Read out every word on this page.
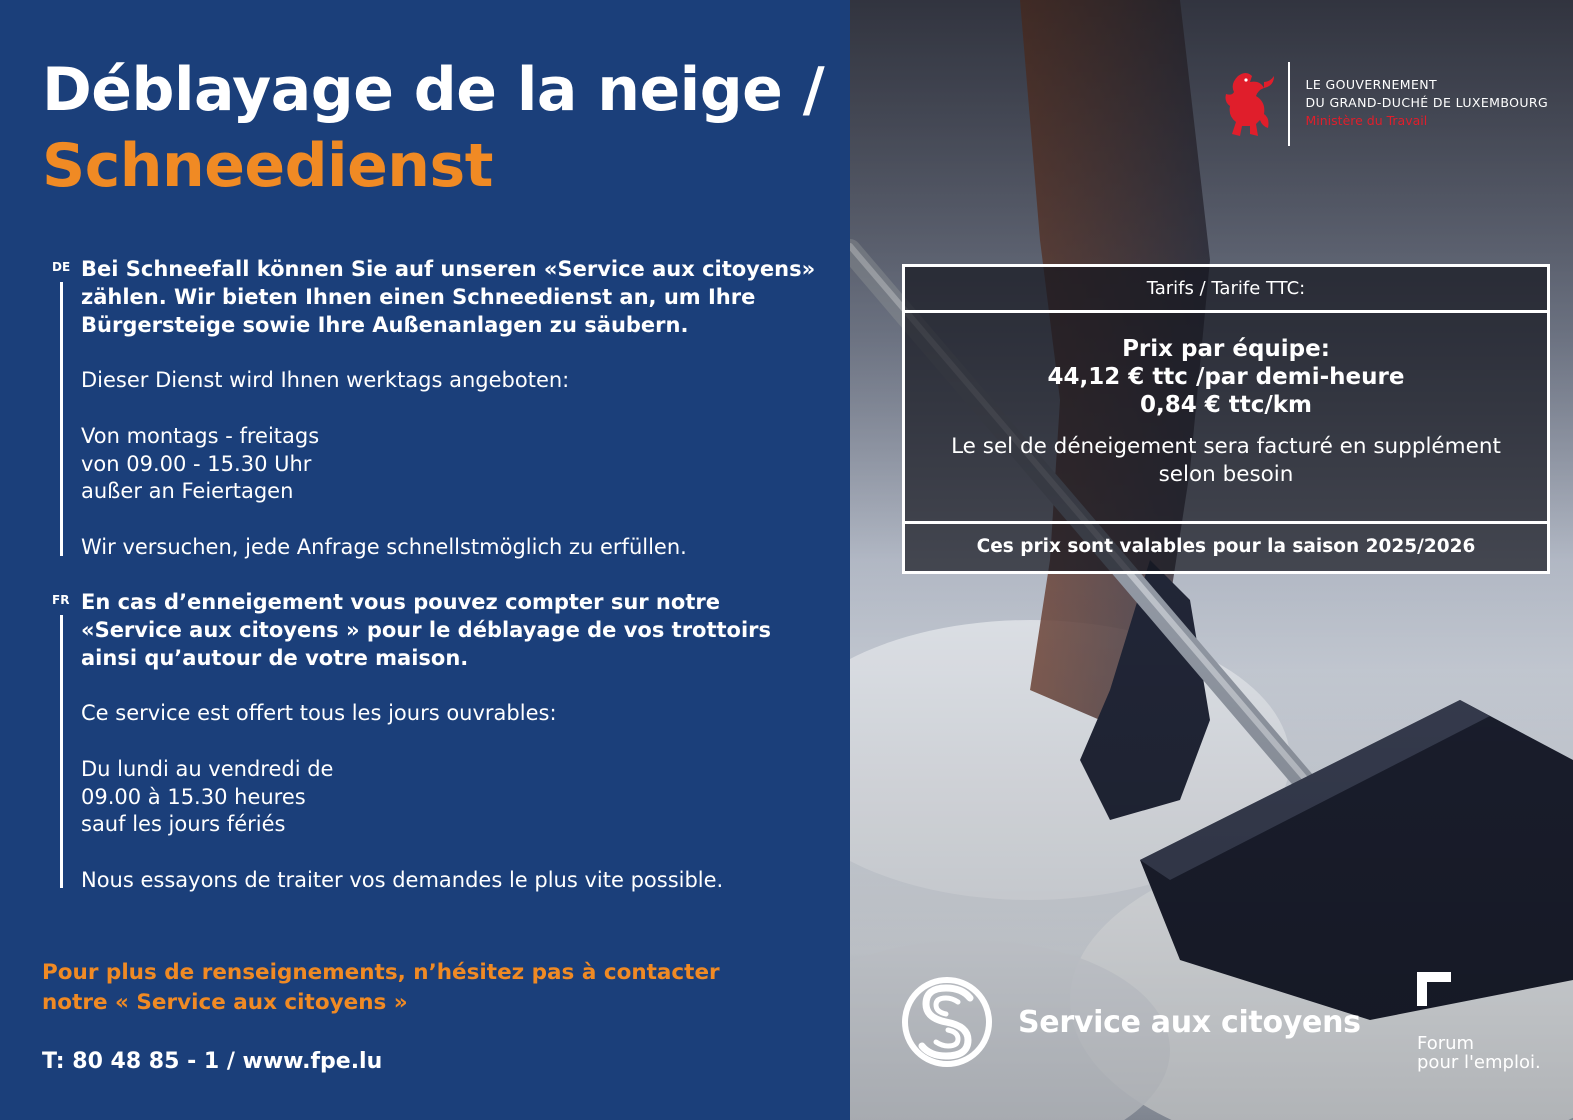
Déblayage de la neige /
Schneedienst
DE Bei Schneefall können Sie auf unseren «Service aux citoyens»
zählen. Wir bieten Ihnen einen Schneedienst an, um Ihre
Bürgersteige sowie Ihre Außenanlagen zu säubern.

Dieser Dienst wird Ihnen werktags angeboten:

Von montags - freitags
von 09.00 - 15.30 Uhr
außer an Feiertagen

Wir versuchen, jede Anfrage schnellstmöglich zu erfüllen.

FR En cas d’enneigement vous pouvez compter sur notre
«Service aux citoyens » pour le déblayage de vos trottoirs
ainsi qu’autour de votre maison.

Ce service est offert tous les jours ouvrables:

Du lundi au vendredi de
09.00 à 15.30 heures
sauf les jours fériés

Nous essayons de traiter vos demandes le plus vite possible.

Pour plus de renseignements, n’hésitez pas à contacter
notre « Service aux citoyens »

T: 80 48 85 - 1 / www.fpe.lu

LE GOUVERNEMENT
DU GRAND-DUCHÉ DE LUXEMBOURG
Ministère du Travail
Tarifs / Tarife TTC:

Prix par équipe:
44,12 € ttc /par demi-heure
0,84 € ttc/km

Le sel de déneigement sera facturé en supplément
selon besoin

Ces prix sont valables pour la saison 2025/2026
Service aux citoyens
Forum
pour l'emploi.
